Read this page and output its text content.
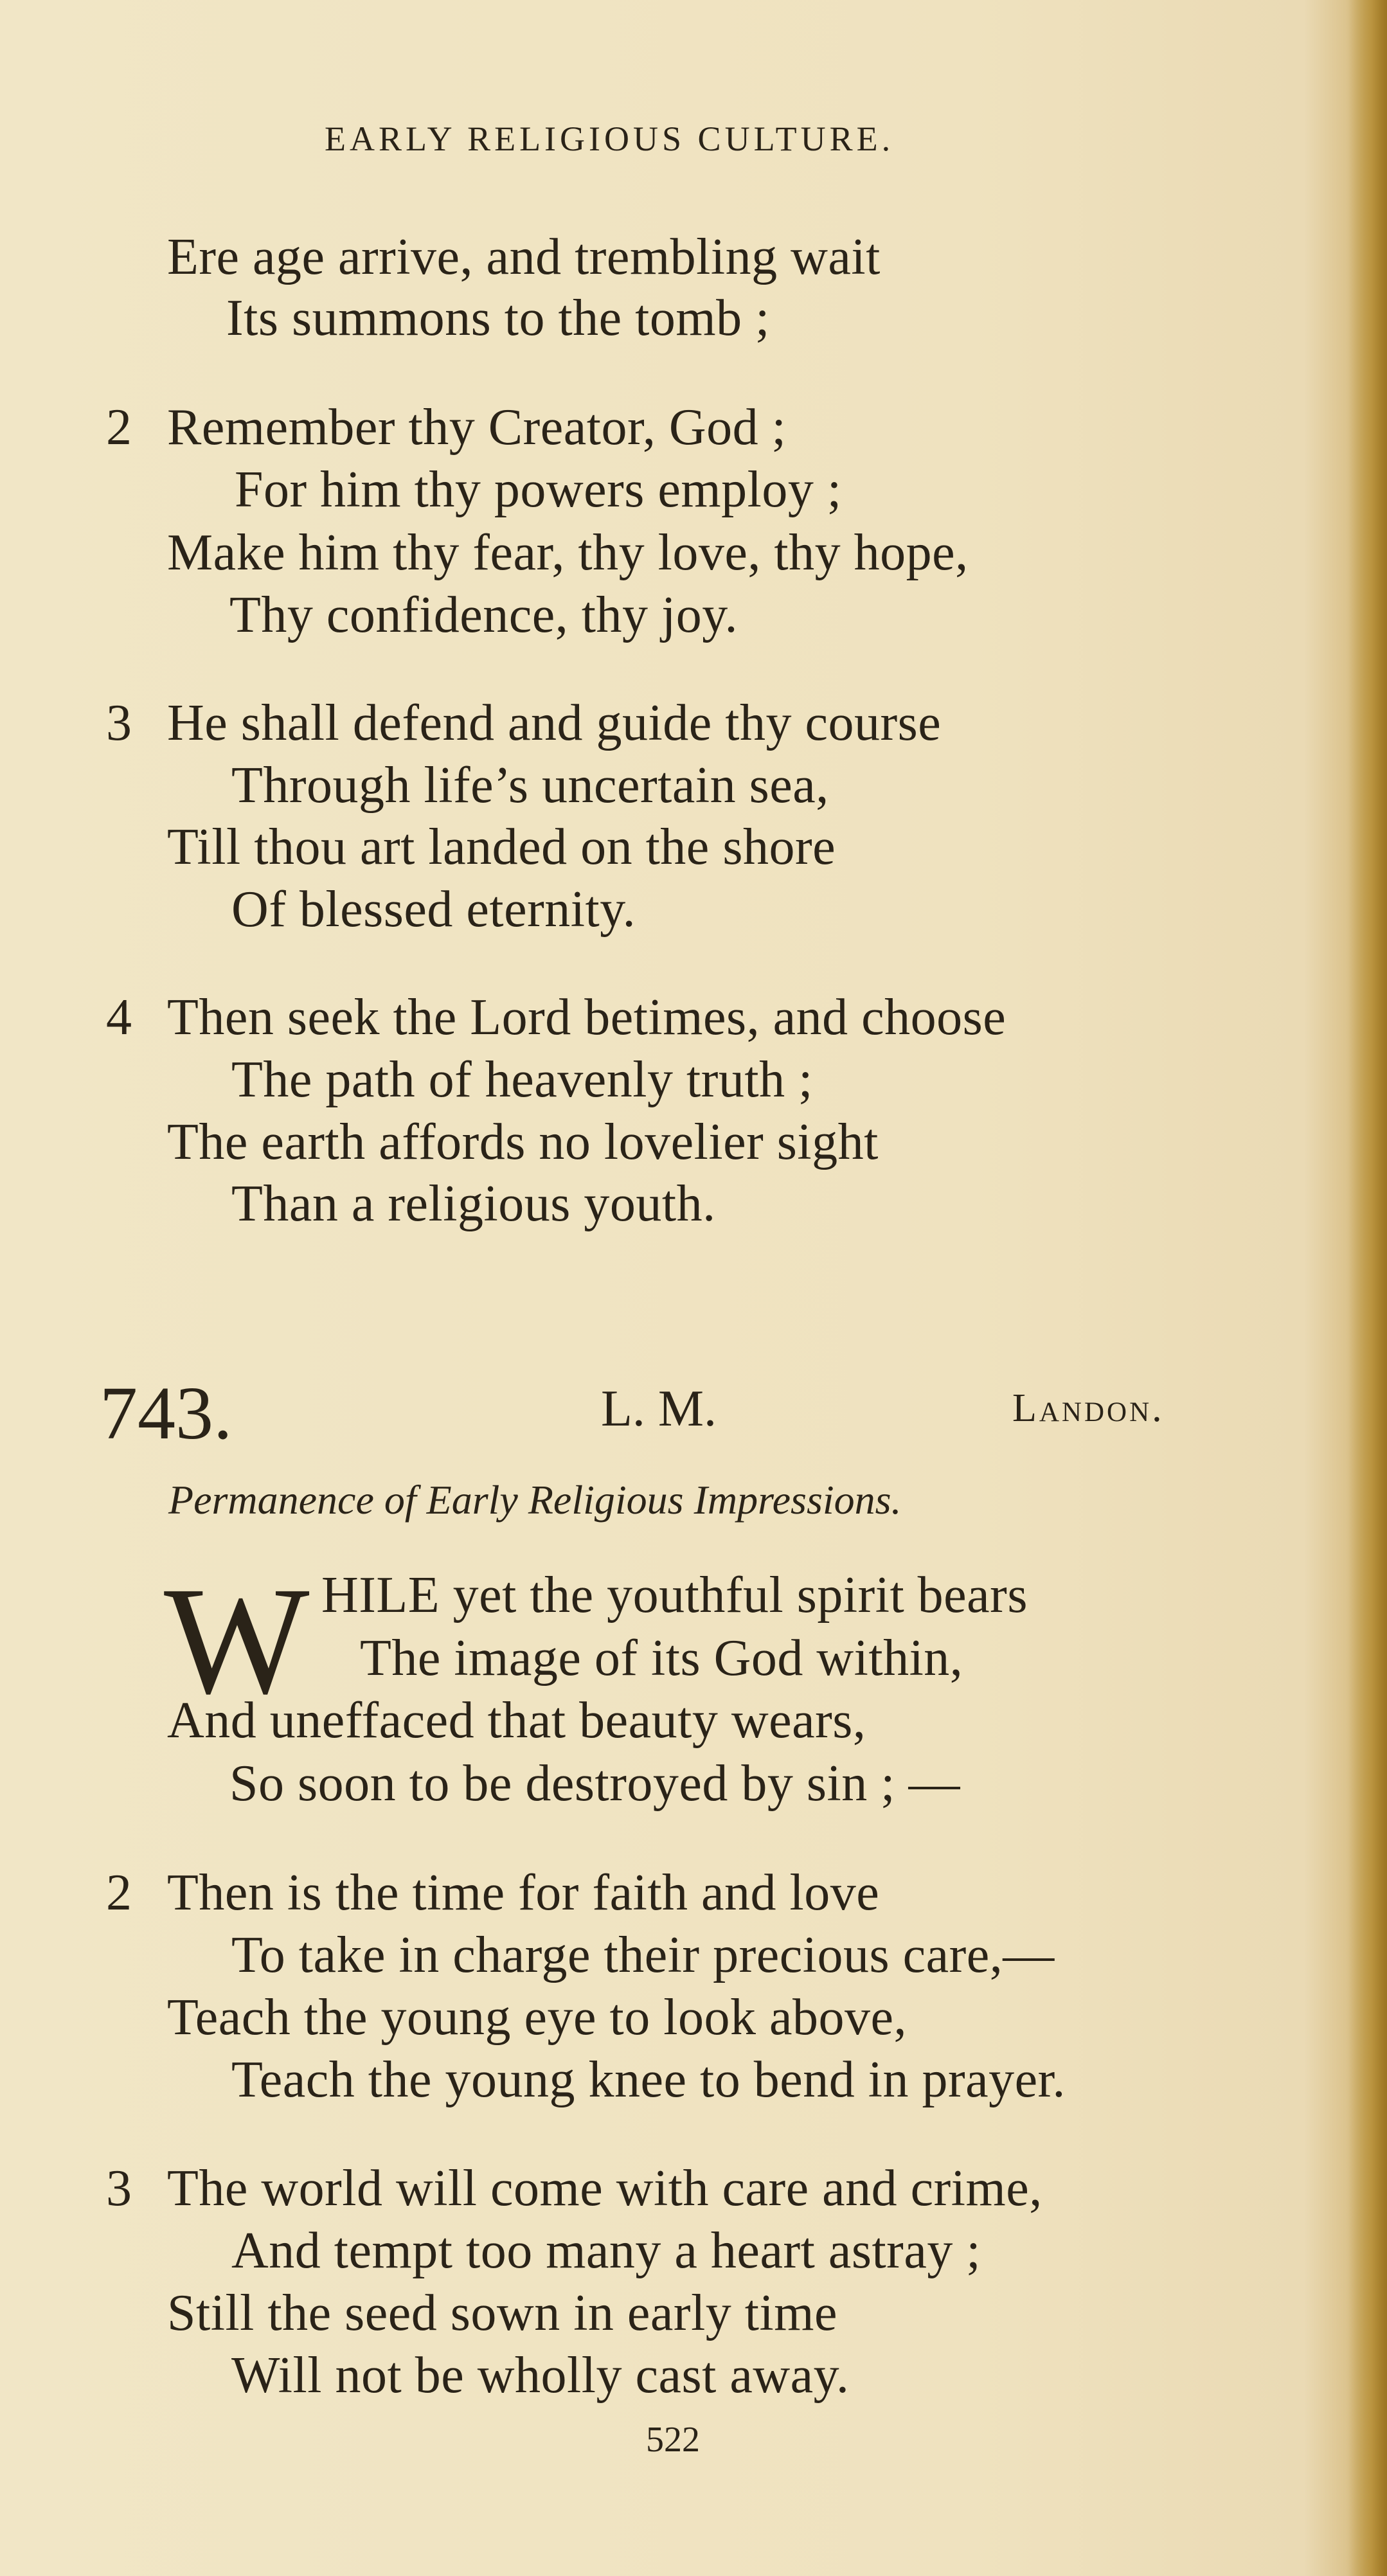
EARLY RELIGIOUS CULTURE.
Ere age arrive, and trembling wait
Its summons to the tomb ;
2 Remember thy Creator, God ;
For him thy powers employ ;
Make him thy fear, thy love, thy hope,
Thy confidence, thy joy.
3 He shall defend and guide thy course
Through life’s uncertain sea,
Till thou art landed on the shore
Of blessed eternity.
4 Then seek the Lord betimes, and choose
The path of heavenly truth ;
The earth affords no lovelier sight
Than a religious youth.
743.	L. M.	Landon.
Permanence of Early Religious Impressions.
W HILE yet the youthful spirit bears
The image of its God within,
And uneffaced that beauty wears,
So soon to be destroyed by sin ; —
2 Then is the time for faith and love
To take in charge their precious care,—
Teach the young eye to look above,
Teach the young knee to bend in prayer.
3 The world will come with care and crime,
And tempt too many a heart astray ;
Still the seed sown in early time
Will not be wholly cast away.
522
